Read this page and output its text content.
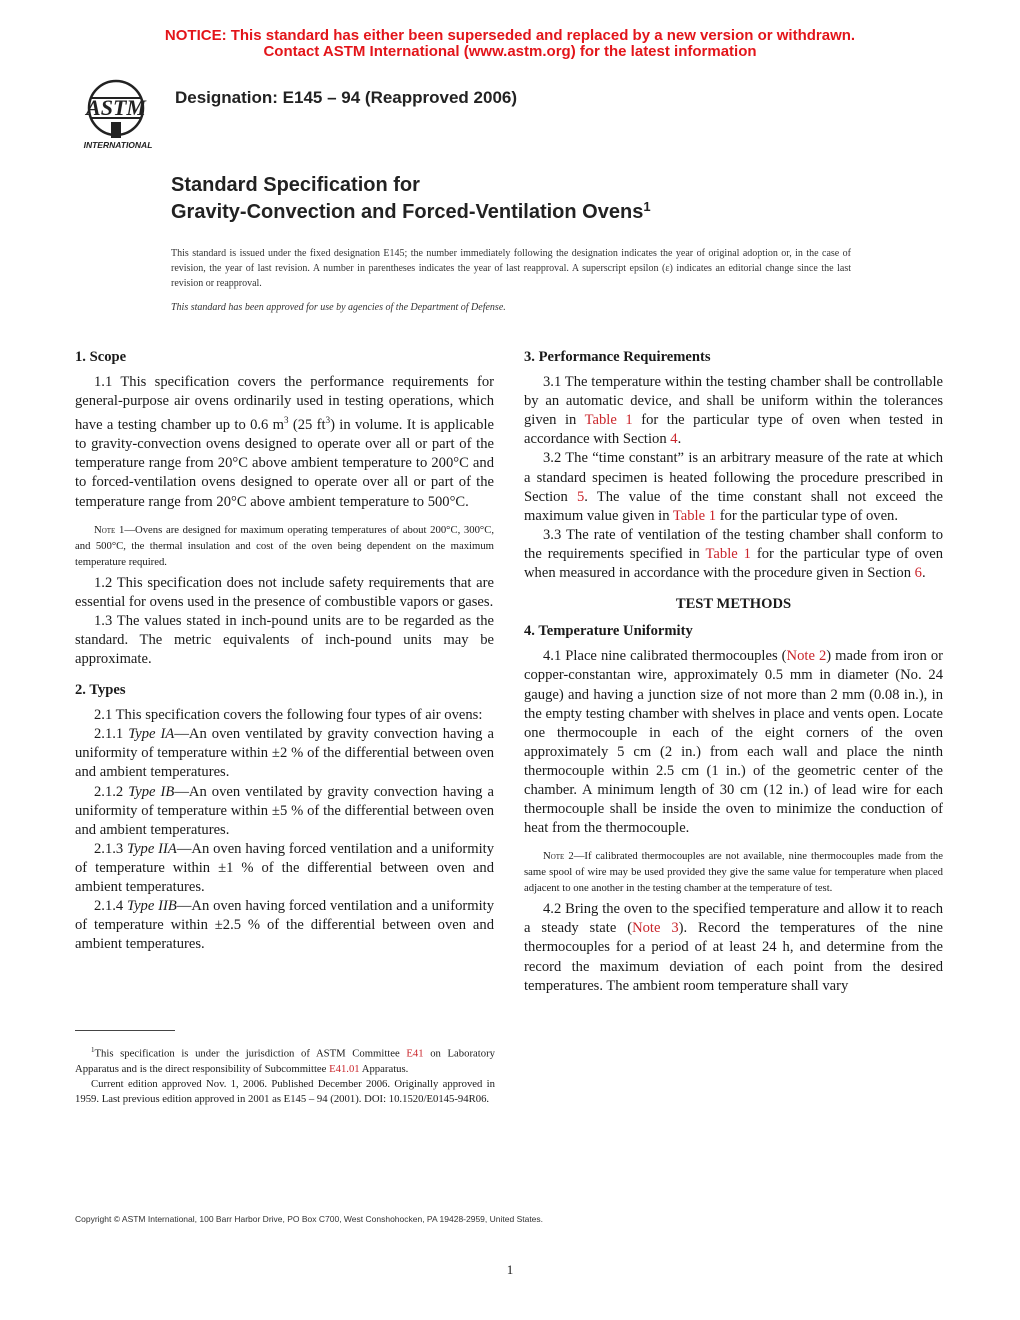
NOTICE: This standard has either been superseded and replaced by a new version or withdrawn.
Contact ASTM International (www.astm.org) for the latest information
ASTM
INTERNATIONAL
Designation: E145 – 94 (Reapproved 2006)
Standard Specification for
Gravity-Convection and Forced-Ventilation Ovens$^1$
This standard is issued under the fixed designation E145; the number immediately following the designation indicates the year of original adoption or, in the case of revision, the year of last revision. A number in parentheses indicates the year of last reapproval. A superscript epsilon (ε) indicates an editorial change since the last revision or reapproval.
This standard has been approved for use by agencies of the Department of Defense.

1. Scope

1.1 This specification covers the performance requirements for general-purpose air ovens ordinarily used in testing operations, which have a testing chamber up to 0.6 $m^3$ (25 $ft^3$) in volume. It is applicable to gravity-convection ovens designed to operate over all or part of the temperature range from 20°C above ambient temperature to 200°C and to forced-ventilation ovens designed to operate over all or part of the temperature range from 20°C above ambient temperature to 500°C.

Note 1—Ovens are designed for maximum operating temperatures of about 200°C, 300°C, and 500°C, the thermal insulation and cost of the oven being dependent on the maximum temperature required.

1.2 This specification does not include safety requirements that are essential for ovens used in the presence of combustible vapors or gases.

1.3 The values stated in inch-pound units are to be regarded as the standard. The metric equivalents of inch-pound units may be approximate.

2. Types

2.1 This specification covers the following four types of air ovens:

2.1.1 Type IA—An oven ventilated by gravity convection having a uniformity of temperature within ±2 % of the differential between oven and ambient temperatures.

2.1.2 Type IB—An oven ventilated by gravity convection having a uniformity of temperature within ±5 % of the differential between oven and ambient temperatures.

2.1.3 Type IIA—An oven having forced ventilation and a uniformity of temperature within ±1 % of the differential between oven and ambient temperatures.

2.1.4 Type IIB—An oven having forced ventilation and a uniformity of temperature within ±2.5 % of the differential between oven and ambient temperatures.

3. Performance Requirements

3.1 The temperature within the testing chamber shall be controllable by an automatic device, and shall be uniform within the tolerances given in Table 1 for the particular type of oven when tested in accordance with Section 4.

3.2 The “time constant” is an arbitrary measure of the rate at which a standard specimen is heated following the procedure prescribed in Section 5. The value of the time constant shall not exceed the maximum value given in Table 1 for the particular type of oven.

3.3 The rate of ventilation of the testing chamber shall conform to the requirements specified in Table 1 for the particular type of oven when measured in accordance with the procedure given in Section 6.

TEST METHODS

4. Temperature Uniformity

4.1 Place nine calibrated thermocouples (Note 2) made from iron or copper-constantan wire, approximately 0.5 mm in diameter (No. 24 gauge) and having a junction size of not more than 2 mm (0.08 in.), in the empty testing chamber with shelves in place and vents open. Locate one thermocouple in each of the eight corners of the oven approximately 5 cm (2 in.) from each wall and place the ninth thermocouple within 2.5 cm (1 in.) of the geometric center of the chamber. A minimum length of 30 cm (12 in.) of lead wire for each thermocouple shall be inside the oven to minimize the conduction of heat from the thermocouple.

Note 2—If calibrated thermocouples are not available, nine thermocouples made from the same spool of wire may be used provided they give the same value for temperature when placed adjacent to one another in the testing chamber at the temperature of test.

4.2 Bring the oven to the specified temperature and allow it to reach a steady state (Note 3). Record the temperatures of the nine thermocouples for a period of at least 24 h, and determine from the record the maximum deviation of each point from the desired temperatures. The ambient room temperature shall vary

$^1$This specification is under the jurisdiction of ASTM Committee E41 on Laboratory Apparatus and is the direct responsibility of Subcommittee E41.01 Apparatus.

Current edition approved Nov. 1, 2006. Published December 2006. Originally approved in 1959. Last previous edition approved in 2001 as E145 – 94 (2001). DOI: 10.1520/E0145-94R06.

Copyright © ASTM International, 100 Barr Harbor Drive, PO Box C700, West Conshohocken, PA 19428-2959, United States.
1
